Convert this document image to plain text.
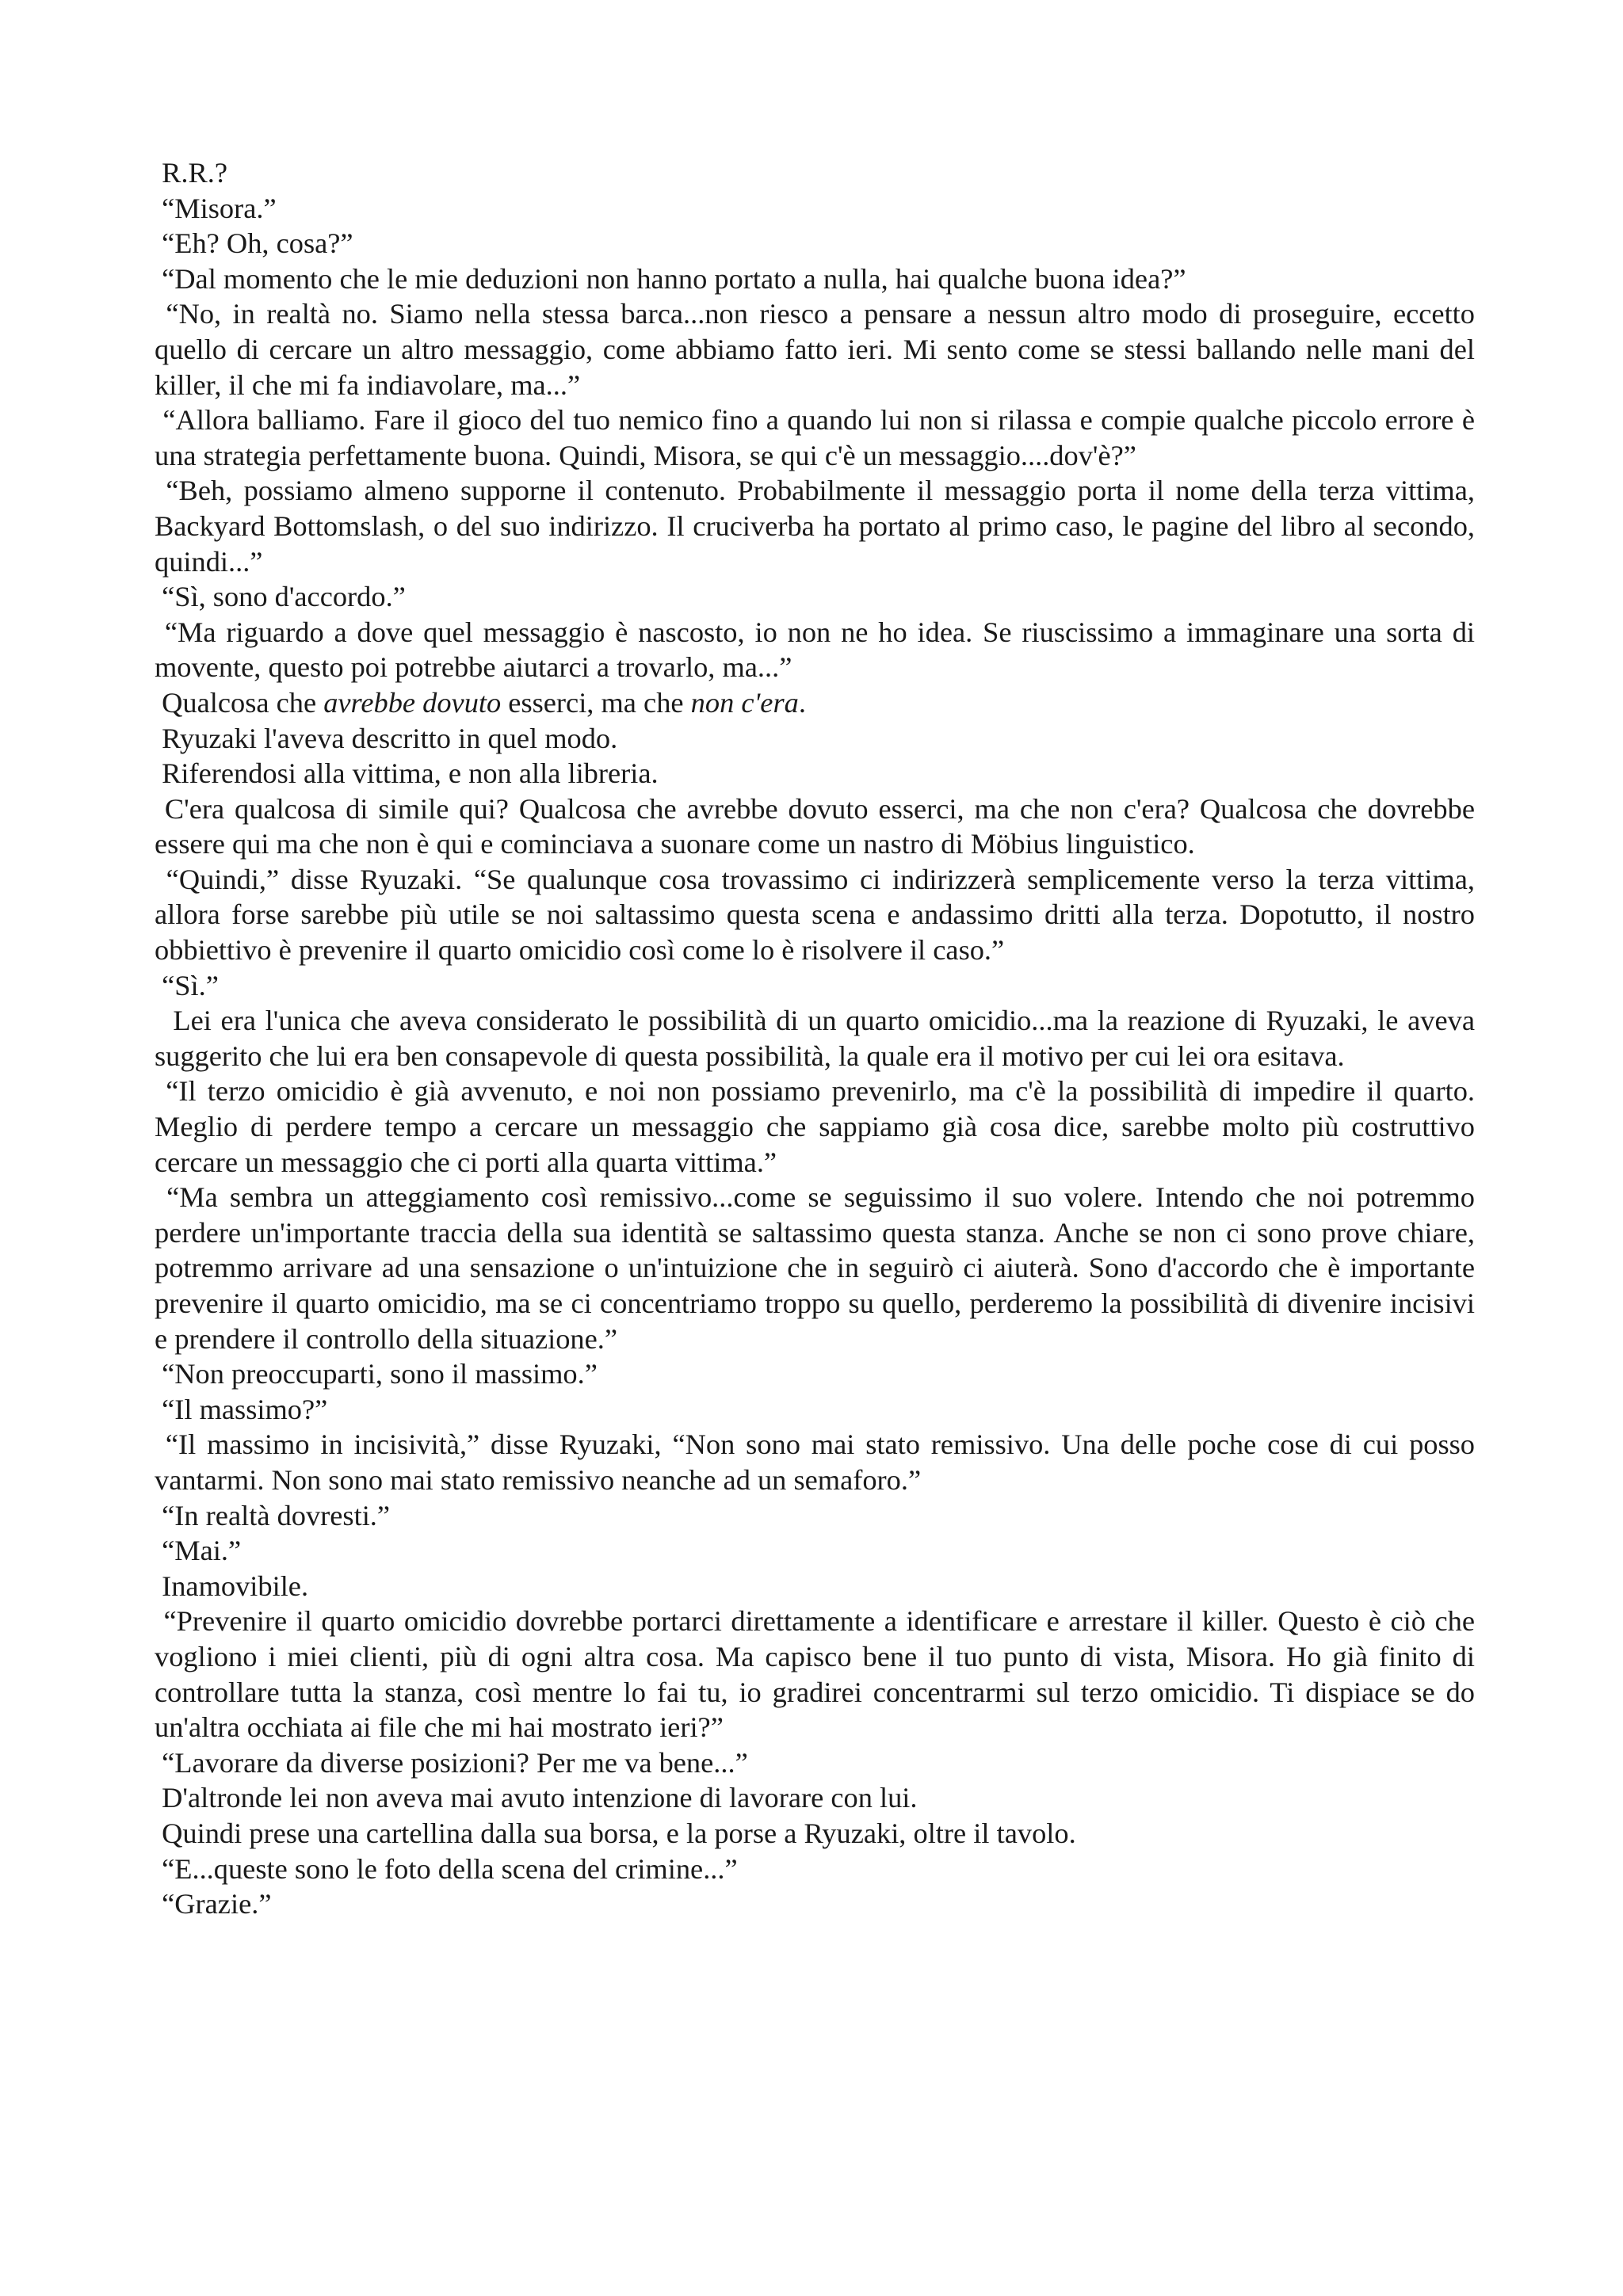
R.R.?

“Misora.”

“Eh? Oh, cosa?”

“Dal momento che le mie deduzioni non hanno portato a nulla, hai qualche buona idea?”

“No, in realtà no. Siamo nella stessa barca...non riesco a pensare a nessun altro modo di proseguire, eccetto quello di cercare un altro messaggio, come abbiamo fatto ieri. Mi sento come se stessi ballando nelle mani del killer, il che mi fa indiavolare, ma...”

“Allora balliamo. Fare il gioco del tuo nemico fino a quando lui non si rilassa e compie qualche piccolo errore è una strategia perfettamente buona. Quindi, Misora, se qui c'è un messaggio....dov'è?”

“Beh, possiamo almeno supporne il contenuto. Probabilmente il messaggio porta il nome della terza vittima, Backyard Bottomslash, o del suo indirizzo. Il cruciverba ha portato al primo caso, le pagine del libro al secondo, quindi...”

“Sì, sono d'accordo.”

“Ma riguardo a dove quel messaggio è nascosto, io non ne ho idea. Se riuscissimo a immaginare una sorta di movente, questo poi potrebbe aiutarci a trovarlo, ma...”

Qualcosa che avrebbe dovuto esserci, ma che non c'era.

Ryuzaki l'aveva descritto in quel modo.

Riferendosi alla vittima, e non alla libreria.

C'era qualcosa di simile qui? Qualcosa che avrebbe dovuto esserci, ma che non c'era? Qualcosa che dovrebbe essere qui ma che non è qui e cominciava a suonare come un nastro di Möbius linguistico.

“Quindi,” disse Ryuzaki. “Se qualunque cosa trovassimo ci indirizzerà semplicemente verso la terza vittima, allora forse sarebbe più utile se noi saltassimo questa scena e andassimo dritti alla terza. Dopotutto, il nostro obbiettivo è prevenire il quarto omicidio così come lo è risolvere il caso.”

“Sì.”

Lei era l'unica che aveva considerato le possibilità di un quarto omicidio...ma la reazione di Ryuzaki, le aveva suggerito che lui era ben consapevole di questa possibilità, la quale era il motivo per cui lei ora esitava.

“Il terzo omicidio è già avvenuto, e noi non possiamo prevenirlo, ma c'è la possibilità di impedire il quarto. Meglio di perdere tempo a cercare un messaggio che sappiamo già cosa dice, sarebbe molto più costruttivo cercare un messaggio che ci porti alla quarta vittima.”

“Ma sembra un atteggiamento così remissivo...come se seguissimo il suo volere. Intendo che noi potremmo perdere un'importante traccia della sua identità se saltassimo questa stanza. Anche se non ci sono prove chiare, potremmo arrivare ad una sensazione o un'intuizione che in seguirò ci aiuterà. Sono d'accordo che è importante prevenire il quarto omicidio, ma se ci concentriamo troppo su quello, perderemo la possibilità di divenire incisivi e prendere il controllo della situazione.”

“Non preoccuparti, sono il massimo.”

“Il massimo?”

“Il massimo in incisività,” disse Ryuzaki, “Non sono mai stato remissivo. Una delle poche cose di cui posso vantarmi. Non sono mai stato remissivo neanche ad un semaforo.”

“In realtà dovresti.”

“Mai.”

Inamovibile.

“Prevenire il quarto omicidio dovrebbe portarci direttamente a identificare e arrestare il killer. Questo è ciò che vogliono i miei clienti, più di ogni altra cosa. Ma capisco bene il tuo punto di vista, Misora. Ho già finito di controllare tutta la stanza, così mentre lo fai tu, io gradirei concentrarmi sul terzo omicidio. Ti dispiace se do un'altra occhiata ai file che mi hai mostrato ieri?”

“Lavorare da diverse posizioni? Per me va bene...”

D'altronde lei non aveva mai avuto intenzione di lavorare con lui.

Quindi prese una cartellina dalla sua borsa, e la porse a Ryuzaki, oltre il tavolo.

“E...queste sono le foto della scena del crimine...”

“Grazie.”
